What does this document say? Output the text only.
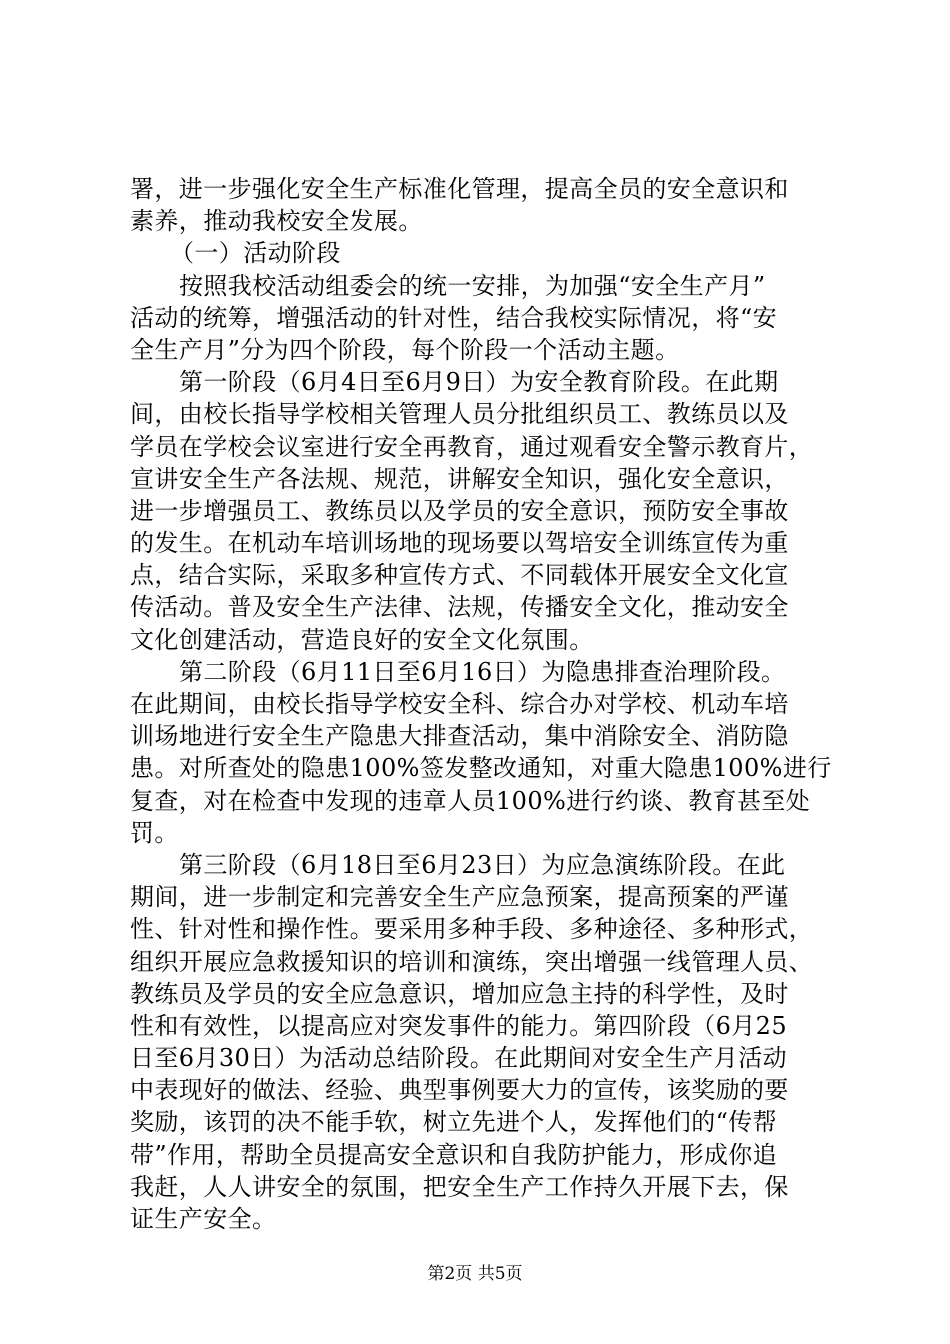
署，进一步强化安全生产标准化管理，提高全员的安全意识和
素养，推动我校安全发展。
（一）活动阶段
按照我校活动组委会的统一安排，为加强“安全生产月”
活动的统筹，增强活动的针对性，结合我校实际情况，将“安
全生产月”分为四个阶段，每个阶段一个活动主题。
第一阶段（6月4日至6月9日）为安全教育阶段。在此期
间，由校长指导学校相关管理人员分批组织员工、教练员以及
学员在学校会议室进行安全再教育，通过观看安全警示教育片，
宣讲安全生产各法规、规范，讲解安全知识，强化安全意识，
进一步增强员工、教练员以及学员的安全意识，预防安全事故
的发生。在机动车培训场地的现场要以驾培安全训练宣传为重
点，结合实际，采取多种宣传方式、不同载体开展安全文化宣
传活动。普及安全生产法律、法规，传播安全文化，推动安全
文化创建活动，营造良好的安全文化氛围。
第二阶段（6月11日至6月16日）为隐患排查治理阶段。
在此期间，由校长指导学校安全科、综合办对学校、机动车培
训场地进行安全生产隐患大排查活动，集中消除安全、消防隐
患。对所查处的隐患100%签发整改通知，对重大隐患100%进行
复查，对在检查中发现的违章人员100%进行约谈、教育甚至处
罚。
第三阶段（6月18日至6月23日）为应急演练阶段。在此
期间，进一步制定和完善安全生产应急预案，提高预案的严谨
性、针对性和操作性。要采用多种手段、多种途径、多种形式，
组织开展应急救援知识的培训和演练，突出增强一线管理人员、
教练员及学员的安全应急意识，增加应急主持的科学性，及时
性和有效性，以提高应对突发事件的能力。第四阶段（6月25
日至6月30日）为活动总结阶段。在此期间对安全生产月活动
中表现好的做法、经验、典型事例要大力的宣传，该奖励的要
奖励，该罚的决不能手软，树立先进个人，发挥他们的“传帮
带”作用，帮助全员提高安全意识和自我防护能力，形成你追
我赶，人人讲安全的氛围，把安全生产工作持久开展下去，保
证生产安全。
第2页 共5页
